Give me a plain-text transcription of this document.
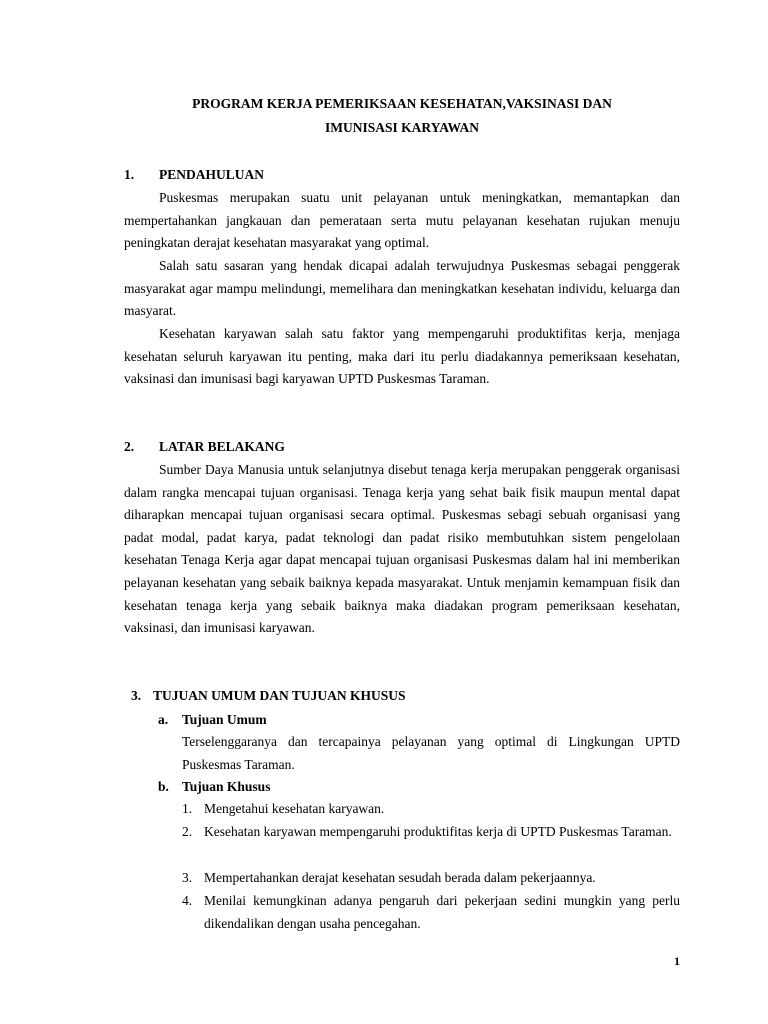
PROGRAM KERJA PEMERIKSAAN KESEHATAN,VAKSINASI DAN
IMUNISASI KARYAWAN
1. PENDAHULUAN

Puskesmas merupakan suatu unit pelayanan untuk meningkatkan, memantapkan dan mempertahankan jangkauan dan pemerataan serta mutu pelayanan kesehatan rujukan menuju peningkatan derajat kesehatan masyarakat yang optimal.

Salah satu sasaran yang hendak dicapai adalah terwujudnya Puskesmas sebagai penggerak masyarakat agar mampu melindungi, memelihara dan meningkatkan kesehatan individu, keluarga dan masyarat.

Kesehatan karyawan salah satu faktor yang mempengaruhi produktifitas kerja, menjaga kesehatan seluruh karyawan itu penting, maka dari itu perlu diadakannya pemeriksaan kesehatan, vaksinasi dan imunisasi bagi karyawan UPTD Puskesmas Taraman.

2. LATAR BELAKANG

Sumber Daya Manusia untuk selanjutnya disebut tenaga kerja merupakan penggerak organisasi dalam rangka mencapai tujuan organisasi. Tenaga kerja yang sehat baik fisik maupun mental dapat diharapkan mencapai tujuan organisasi secara optimal. Puskesmas sebagi sebuah organisasi yang padat modal, padat karya, padat teknologi dan padat risiko membutuhkan sistem pengelolaan kesehatan Tenaga Kerja agar dapat mencapai tujuan organisasi Puskesmas dalam hal ini memberikan pelayanan kesehatan yang sebaik baiknya kepada masyarakat. Untuk menjamin kemampuan fisik dan kesehatan tenaga kerja yang sebaik baiknya maka diadakan program pemeriksaan kesehatan, vaksinasi, dan imunisasi karyawan.

3. TUJUAN UMUM DAN TUJUAN KHUSUS
a. Tujuan Umum

Terselenggaranya dan tercapainya pelayanan yang optimal di Lingkungan UPTD Puskesmas Taraman.

b. Tujuan Khusus
1. Mengetahui kesehatan karyawan.
2. Kesehatan karyawan mempengaruhi produktifitas kerja di UPTD Puskesmas Taraman.
3. Mempertahankan derajat kesehatan sesudah berada dalam pekerjaannya.
4. Menilai kemungkinan adanya pengaruh dari pekerjaan sedini mungkin yang perlu dikendalikan dengan usaha pencegahan.
1
